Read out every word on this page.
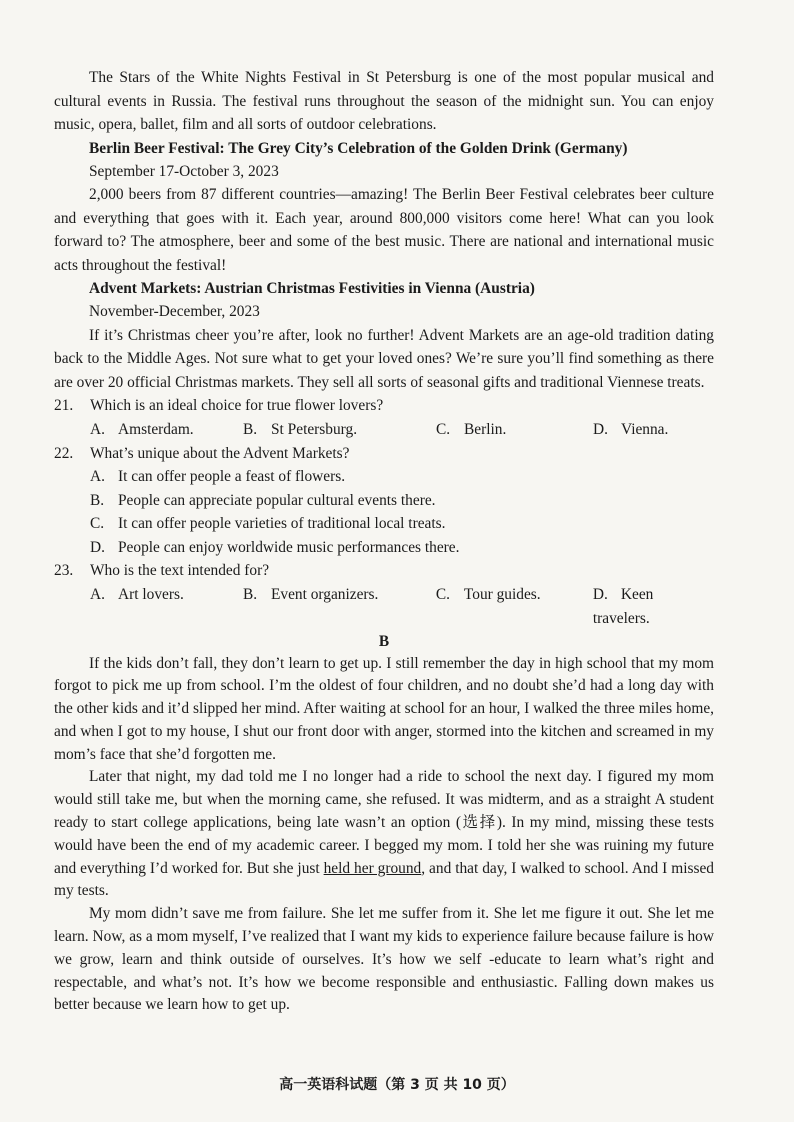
The Stars of the White Nights Festival in St Petersburg is one of the most popular musical and cultural events in Russia. The festival runs throughout the season of the midnight sun. You can enjoy music, opera, ballet, film and all sorts of outdoor celebrations.

Berlin Beer Festival: The Grey City’s Celebration of the Golden Drink (Germany)

September 17-October 3, 2023

2,000 beers from 87 different countries—amazing! The Berlin Beer Festival celebrates beer culture and everything that goes with it. Each year, around 800,000 visitors come here! What can you look forward to? The atmosphere, beer and some of the best music. There are national and international music acts throughout the festival!

Advent Markets: Austrian Christmas Festivities in Vienna (Austria)

November-December, 2023

If it’s Christmas cheer you’re after, look no further! Advent Markets are an age-old tradition dating back to the Middle Ages. Not sure what to get your loved ones? We’re sure you’ll find something as there are over 20 official Christmas markets. They sell all sorts of seasonal gifts and traditional Viennese treats.

21. Which is an ideal choice for true flower lovers?
A. Amsterdam.	B. St Petersburg.	C. Berlin.	D. Vienna.
22. What’s unique about the Advent Markets?
A. It can offer people a feast of flowers.
B. People can appreciate popular cultural events there.
C. It can offer people varieties of traditional local treats.
D. People can enjoy worldwide music performances there.
23. Who is the text intended for?
A. Art lovers.	B. Event organizers.	C. Tour guides.	D. Keen travelers.
B

If the kids don’t fall, they don’t learn to get up. I still remember the day in high school that my mom forgot to pick me up from school. I’m the oldest of four children, and no doubt she’d had a long day with the other kids and it’d slipped her mind. After waiting at school for an hour, I walked the three miles home, and when I got to my house, I shut our front door with anger, stormed into the kitchen and screamed in my mom’s face that she’d forgotten me.

Later that night, my dad told me I no longer had a ride to school the next day. I figured my mom would still take me, but when the morning came, she refused. It was midterm, and as a straight A student ready to start college applications, being late wasn’t an option (选择). In my mind, missing these tests would have been the end of my academic career. I begged my mom. I told her she was ruining my future and everything I’d worked for. But she just held her ground, and that day, I walked to school. And I missed my tests.

My mom didn’t save me from failure. She let me suffer from it. She let me figure it out. She let me learn. Now, as a mom myself, I’ve realized that I want my kids to experience failure because failure is how we grow, learn and think outside of ourselves. It’s how we self -educate to learn what’s right and respectable, and what’s not. It’s how we become responsible and enthusiastic. Falling down makes us better because we learn how to get up.

高一英语科试题（第 3 页 共 10 页）
